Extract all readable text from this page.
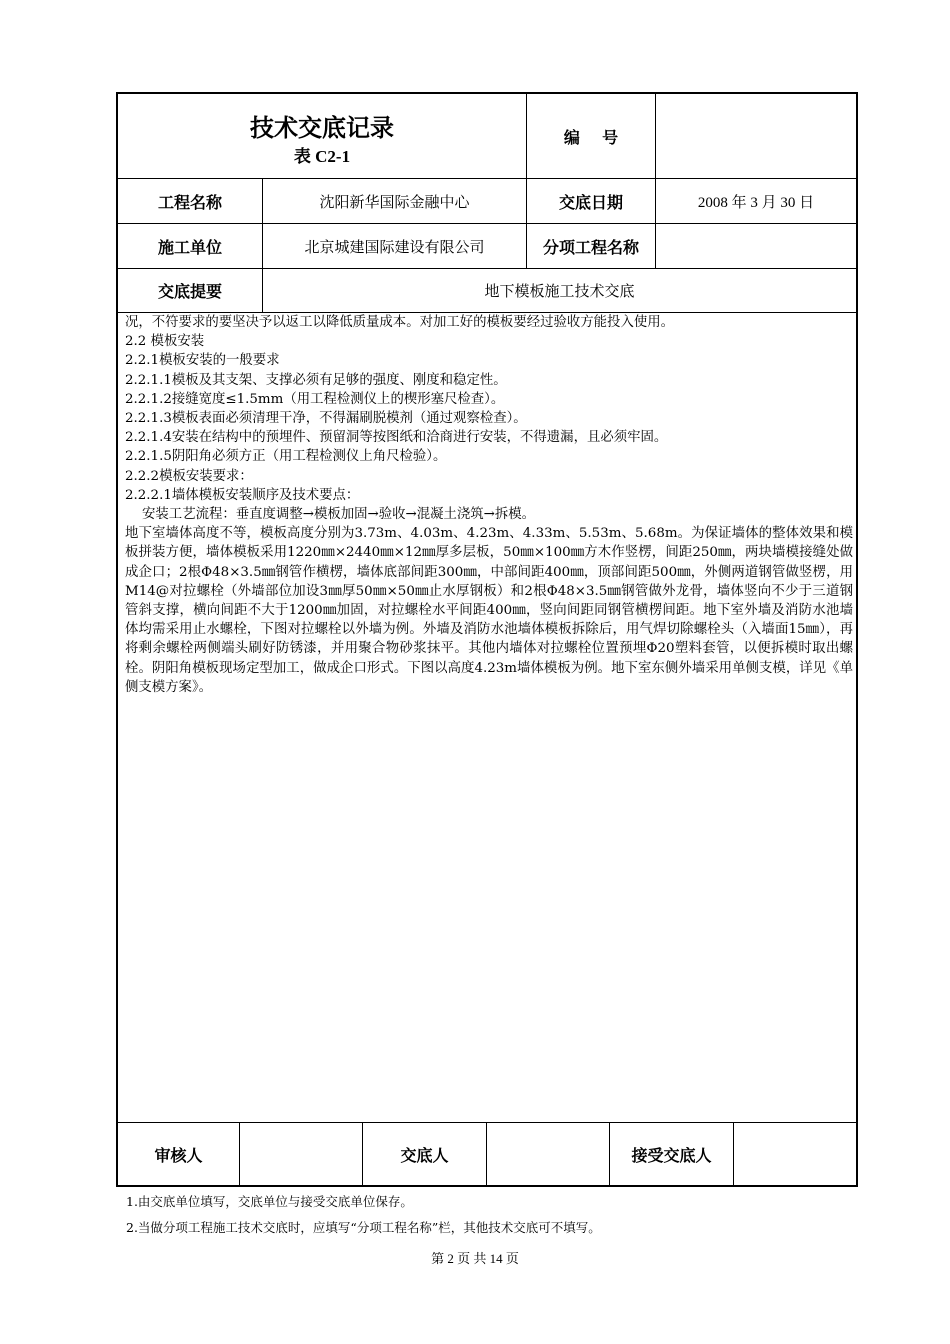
技术交底记录
表 C2-1
编    号
工程名称	沈阳新华国际金融中心	交底日期	2008 年 3 月 30 日
施工单位	北京城建国际建设有限公司	分项工程名称
交底提要	地下模板施工技术交底

况，不符要求的要坚决予以返工以降低质量成本。对加工好的模板要经过验收方能投入使用。

2.2 模板安装

2.2.1模板安装的一般要求

2.2.1.1模板及其支架、支撑必须有足够的强度、刚度和稳定性。

2.2.1.2接缝宽度≤1.5mm（用工程检测仪上的楔形塞尺检查）。

2.2.1.3模板表面必须清理干净，不得漏刷脱模剂（通过观察检查）。

2.2.1.4安装在结构中的预埋件、预留洞等按图纸和洽商进行安装，不得遗漏，且必须牢固。

2.2.1.5阴阳角必须方正（用工程检测仪上角尺检验）。

2.2.2模板安装要求：

2.2.2.1墙体模板安装顺序及技术要点：

安装工艺流程：垂直度调整→模板加固→验收→混凝土浇筑→拆模。

地下室墙体高度不等，模板高度分别为3.73m、4.03m、4.23m、4.33m、5.53m、5.68m。为保证墙体的整体效果和模板拼装方便，墙体模板采用1220㎜×2440㎜×12㎜厚多层板，50㎜×100㎜方木作竖楞，间距250㎜，两块墙模接缝处做成企口；2根Φ48×3.5㎜钢管作横楞，墙体底部间距300㎜，中部间距400㎜，顶部间距500㎜，外侧两道钢管做竖楞，用M14@对拉螺栓（外墙部位加设3㎜厚50㎜×50㎜止水厚钢板）和2根Φ48×3.5㎜钢管做外龙骨，墙体竖向不少于三道钢管斜支撑，横向间距不大于1200㎜加固，对拉螺栓水平间距400㎜，竖向间距同钢管横楞间距。地下室外墙及消防水池墙体均需采用止水螺栓，下图对拉螺栓以外墙为例。外墙及消防水池墙体模板拆除后，用气焊切除螺栓头（入墙面15㎜），再将剩余螺栓两侧端头刷好防锈漆，并用聚合物砂浆抹平。其他内墙体对拉螺栓位置预埋Φ20塑料套管，以便拆模时取出螺栓。阴阳角模板现场定型加工，做成企口形式。下图以高度4.23m墙体模板为例。地下室东侧外墙采用单侧支模，详见《单侧支模方案》。

审核人	交底人	接受交底人
1.由交底单位填写，交底单位与接受交底单位保存。
2.当做分项工程施工技术交底时，应填写“分项工程名称”栏，其他技术交底可不填写。
第 2 页 共 14 页
